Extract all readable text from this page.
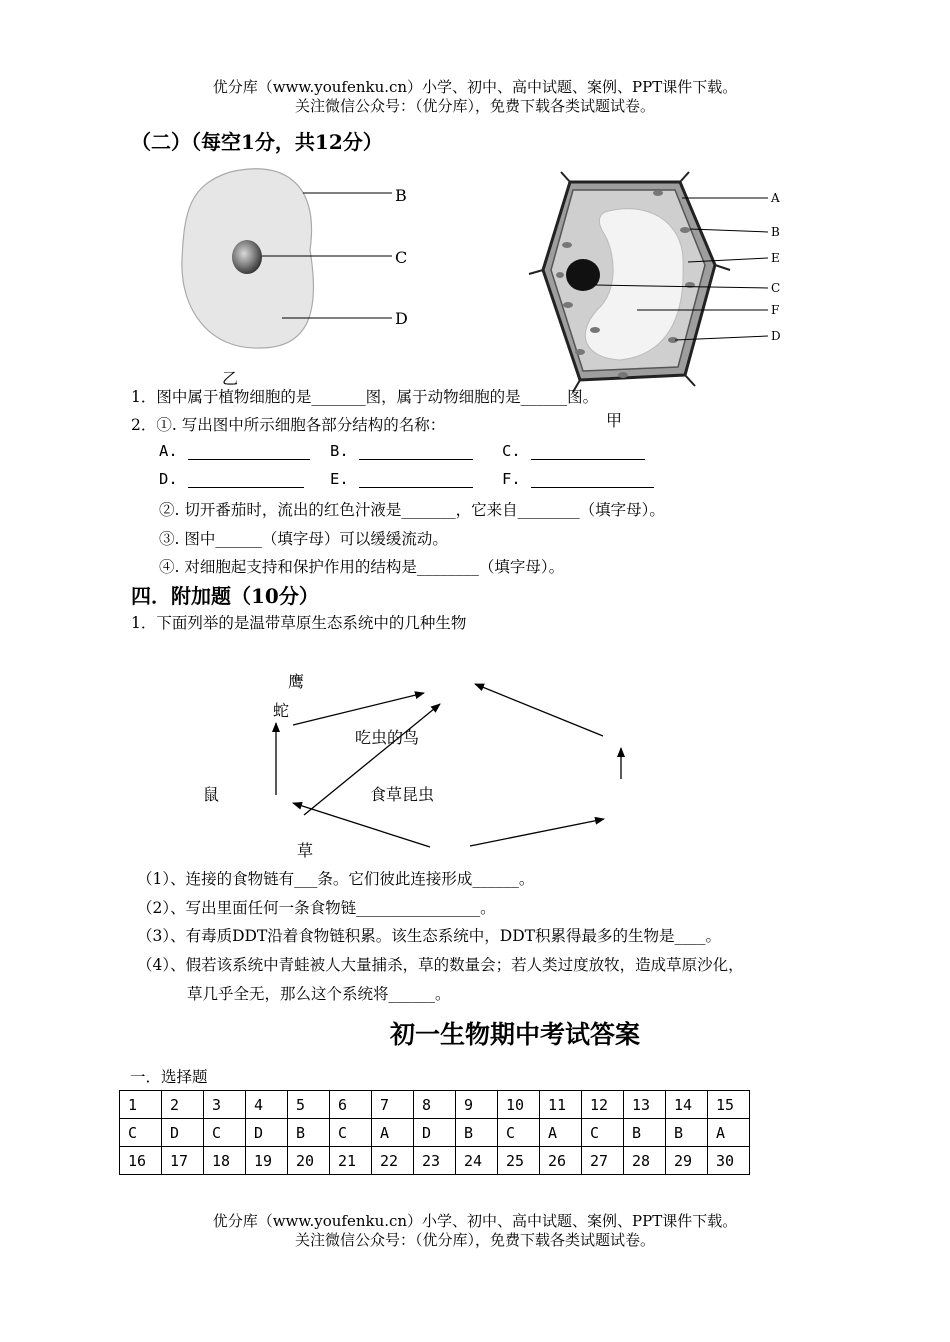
优分库（www.youfenku.cn）小学、初中、高中试题、案例、PPT课件下载。
关注微信公众号：（优分库），免费下载各类试题试卷。
（二）（每空1分，共12分）
B
C
D
乙
A
B
E
C
F
D
甲
1．图中属于植物细胞的是_______图，属于动物细胞的是______图。
2．①. 写出图中所示细胞各部分结构的名称：
A.	B.	C.
D.	E.	F.
②. 切开番茄时，流出的红色汁液是_______，它来自________（填字母）。
③. 图中______（填字母）可以缓缓流动。
④. 对细胞起支持和保护作用的结构是________（填字母）。
四．附加题（10分）
1．下面列举的是温带草原生态系统中的几种生物
鹰
蛇
吃虫的鸟
鼠	食草昆虫
草
（1）、连接的食物链有___条。它们彼此连接形成______。
（2）、写出里面任何一条食物链________________。
（3）、有毒质DDT沿着食物链积累。该生态系统中，DDT积累得最多的生物是____。
（4）、假若该系统中青蛙被人大量捕杀，草的数量会；若人类过度放牧，造成草原沙化，
草几乎全无，那么这个系统将______。
初一生物期中考试答案
一．选择题
1	2	3	4	5	6	7	8	9	10	11	12	13	14	15
C	D	C	D	B	C	A	D	B	C	A	C	B	B	A
16	17	18	19	20	21	22	23	24	25	26	27	28	29	30
优分库（www.youfenku.cn）小学、初中、高中试题、案例、PPT课件下载。
关注微信公众号：（优分库），免费下载各类试题试卷。
